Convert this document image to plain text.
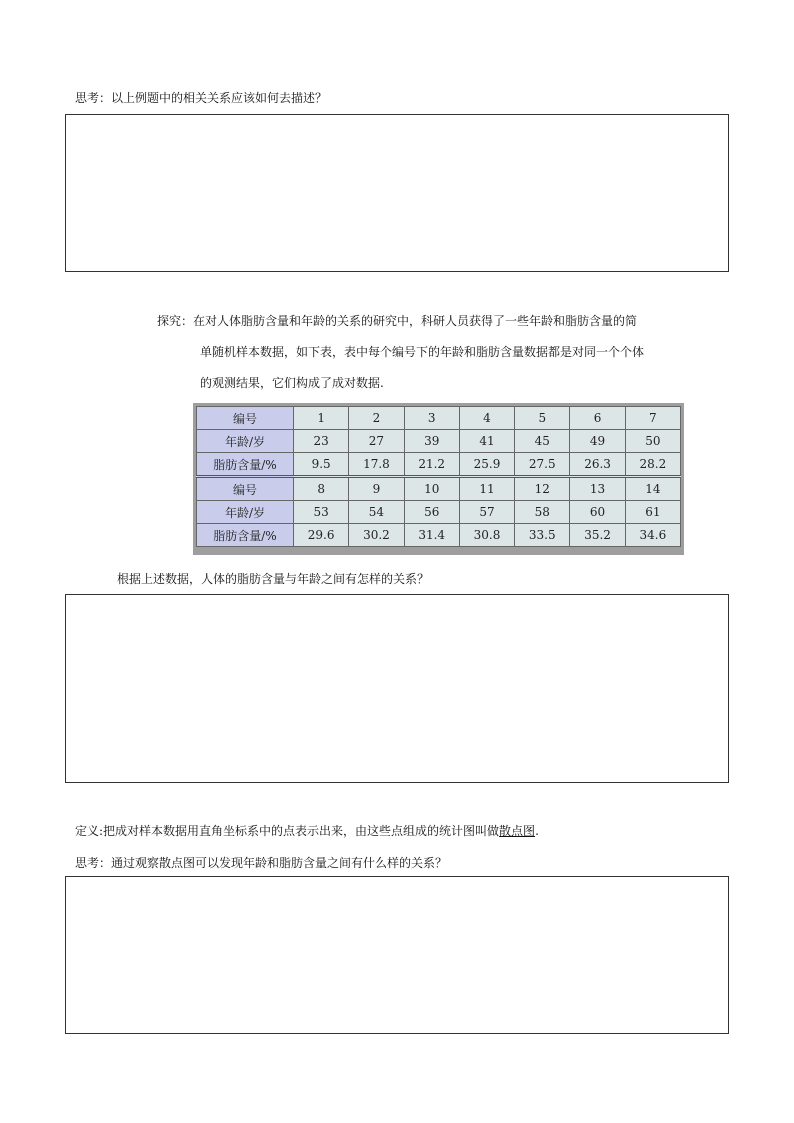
思考：以上例题中的相关关系应该如何去描述？
探究：在对人体脂肪含量和年龄的关系的研究中，科研人员获得了一些年龄和脂肪含量的简
单随机样本数据，如下表，表中每个编号下的年龄和脂肪含量数据都是对同一个个体
的观测结果，它们构成了成对数据.
编号	1	2	3	4	5	6	7
年龄/岁	23	27	39	41	45	49	50
脂肪含量/%	9.5	17.8	21.2	25.9	27.5	26.3	28.2
编号	8	9	10	11	12	13	14
年龄/岁	53	54	56	57	58	60	61
脂肪含量/%	29.6	30.2	31.4	30.8	33.5	35.2	34.6
根据上述数据，人体的脂肪含量与年龄之间有怎样的关系？
定义:把成对样本数据用直角坐标系中的点表示出来，由这些点组成的统计图叫做散点图.
思考：通过观察散点图可以发现年龄和脂肪含量之间有什么样的关系？
